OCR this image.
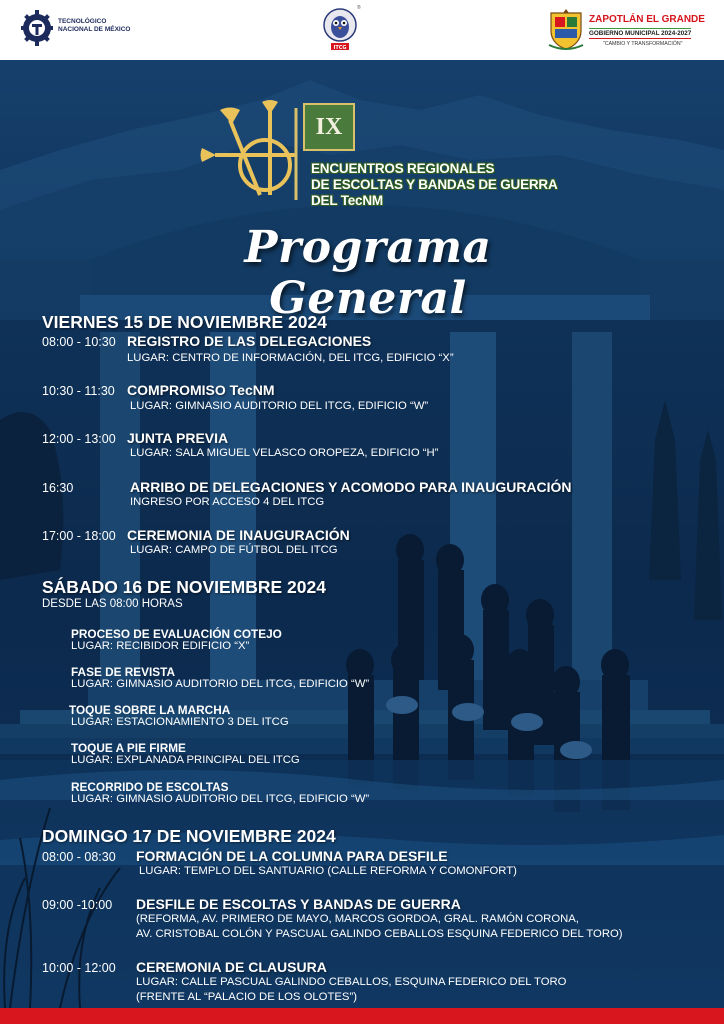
TECNOLÓGICO
NACIONAL DE MÉXICO
ITCG
®
ZAPOTLÁN EL GRANDE
GOBIERNO MUNICIPAL 2024-2027
"CAMBIO Y TRANSFORMACIÓN"
IX
ENCUENTROS REGIONALES
DE ESCOLTAS Y BANDAS DE GUERRA
DEL TecNM
Programa General
VIERNES 15 DE NOVIEMBRE 2024
08:00 - 10:30 REGISTRO DE LAS DELEGACIONES
LUGAR: CENTRO DE INFORMACIÓN, DEL ITCG, EDIFICIO “X”
10:30 - 11:30 COMPROMISO TecNM
LUGAR: GIMNASIO AUDITORIO DEL ITCG, EDIFICIO “W”
12:00 - 13:00 JUNTA PREVIA
LUGAR: SALA MIGUEL VELASCO OROPEZA, EDIFICIO “H”
16:30	ARRIBO DE DELEGACIONES Y ACOMODO PARA INAUGURACIÓN
INGRESO POR ACCESO 4 DEL ITCG
17:00 - 18:00 CEREMONIA DE INAUGURACIÓN
LUGAR: CAMPO DE FÚTBOL DEL ITCG
SÁBADO 16 DE NOVIEMBRE 2024
DESDE LAS 08:00 HORAS
PROCESO DE EVALUACIÓN COTEJO
LUGAR: RECIBIDOR EDIFICIO “X”
FASE DE REVISTA
LUGAR: GIMNASIO AUDITORIO DEL ITCG, EDIFICIO “W”
TOQUE SOBRE LA MARCHA
LUGAR: ESTACIONAMIENTO 3 DEL ITCG
TOQUE A PIE FIRME
LUGAR: EXPLANADA PRINCIPAL DEL ITCG
RECORRIDO DE ESCOLTAS
LUGAR: GIMNASIO AUDITORIO DEL ITCG, EDIFICIO “W”
DOMINGO 17 DE NOVIEMBRE 2024
08:00 - 08:30 FORMACIÓN DE LA COLUMNA PARA DESFILE
LUGAR: TEMPLO DEL SANTUARIO (CALLE REFORMA Y COMONFORT)
09:00 -10:00 DESFILE DE ESCOLTAS Y BANDAS DE GUERRA
(REFORMA, AV. PRIMERO DE MAYO, MARCOS GORDOA, GRAL. RAMÓN CORONA,
AV. CRISTOBAL COLÓN Y PASCUAL GALINDO CEBALLOS ESQUINA FEDERICO DEL TORO)
10:00 - 12:00 CEREMONIA DE CLAUSURA
LUGAR: CALLE PASCUAL GALINDO CEBALLOS, ESQUINA FEDERICO DEL TORO
(FRENTE AL “PALACIO DE LOS OLOTES”)
